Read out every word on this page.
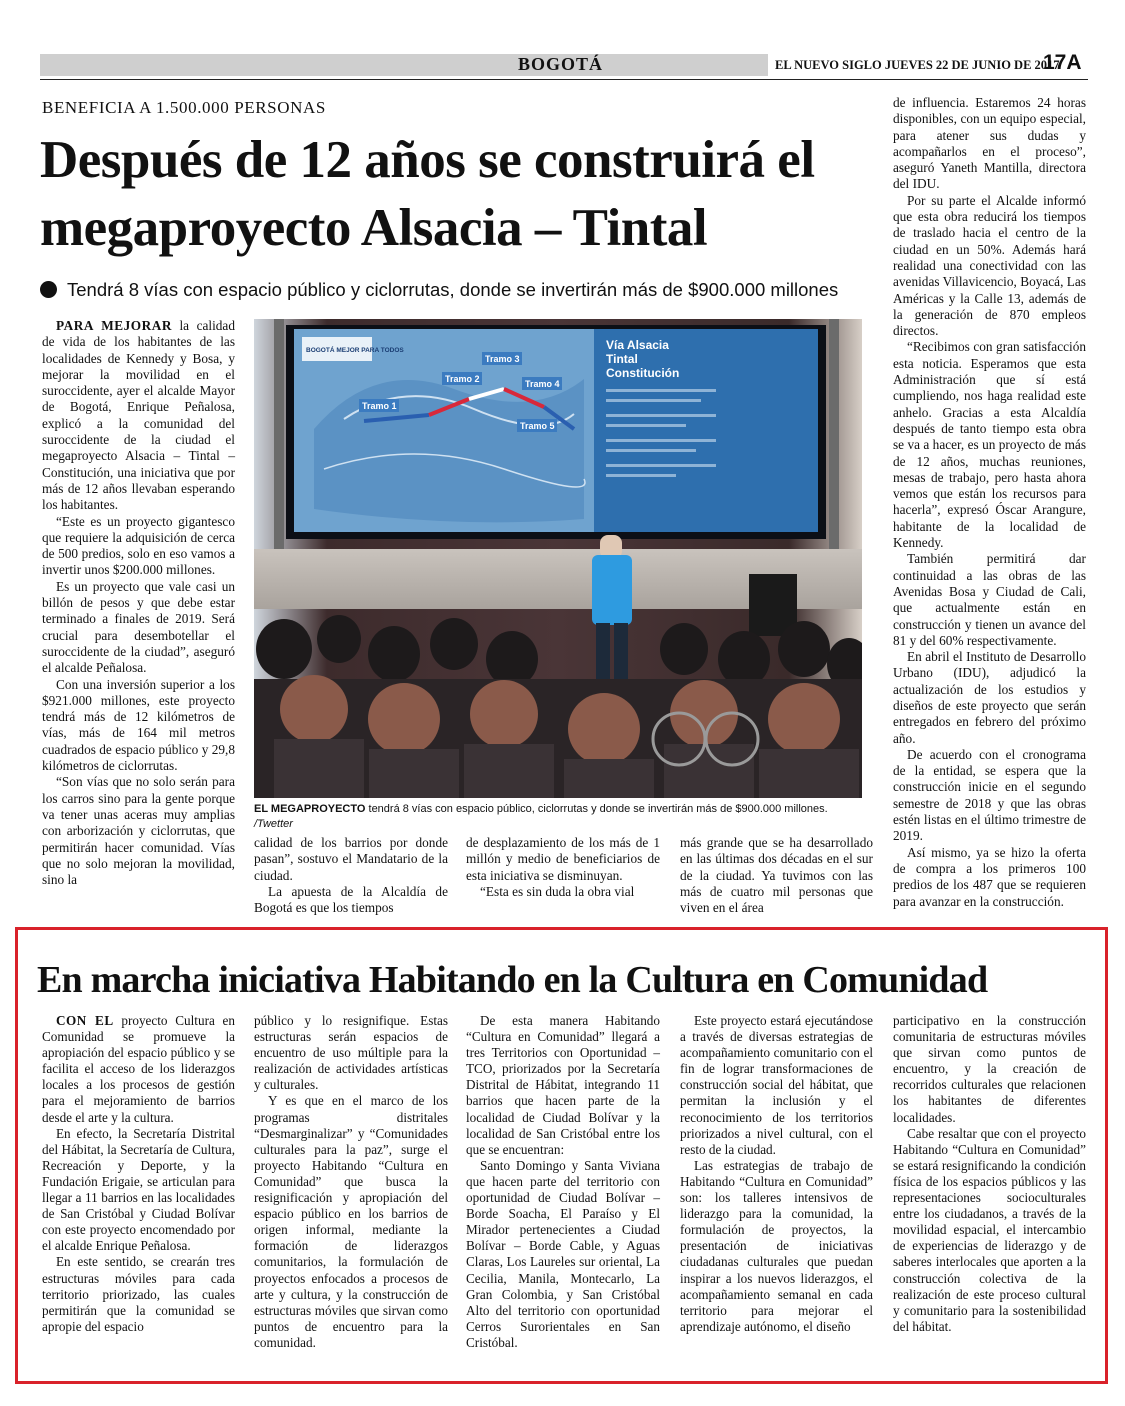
BOGOTÁ	EL NUEVO SIGLO JUEVES 22 DE JUNIO DE 2017
17A
BENEFICIA A 1.500.000 PERSONAS
Después de 12 años se construirá el megaproyecto Alsacia – Tintal
Tendrá 8 vías con espacio público y ciclorrutas, donde se invertirán más de $900.000 millones

PARA MEJORAR la calidad de vida de los habitantes de las localidades de Kennedy y Bosa, y mejorar la movilidad en el suroccidente, ayer el alcalde Mayor de Bogotá, Enrique Peñalosa, explicó a la comunidad del suroccidente de la ciudad el megaproyecto Alsacia – Tintal – Constitución, una iniciativa que por más de 12 años llevaban esperando los habitantes.

“Este es un proyecto gigantesco que requiere la adquisición de cerca de 500 predios, solo en eso vamos a invertir unos $200.000 millones.

Es un proyecto que vale casi un billón de pesos y que debe estar terminado a finales de 2019. Será crucial para desembotellar el suroccidente de la ciudad”, aseguró el alcalde Peñalosa.

Con una inversión superior a los $921.000 millones, este proyecto tendrá más de 12 kilómetros de vías, más de 164 mil metros cuadrados de espacio público y 29,8 kilómetros de ciclorrutas.

“Son vías que no solo serán para los carros sino para la gente porque va tener unas aceras muy amplias con arborización y ciclorrutas, que permitirán hacer comunidad. Vías que no solo mejoran la movilidad, sino la

Tramo 1
Tramo 2
Tramo 3
Tramo 4
Tramo 5
BOGOTÁ MEJOR PARA TODOS	Vía Alsacia
Tintal
Constitución
EL MEGAPROYECTO tendrá 8 vías con espacio público, ciclorrutas y donde se invertirán más de $900.000 millones.
/Twetter

calidad de los barrios por donde pasan”, sostuvo el Mandatario de la ciudad.

La apuesta de la Alcaldía de Bogotá es que los tiempos

de desplazamiento de los más de 1 millón y medio de beneficiarios de esta iniciativa se disminuyan.

“Esta es sin duda la obra vial

más grande que se ha desarrollado en las últimas dos décadas en el sur de la ciudad. Ya tuvimos con las más de cuatro mil personas que viven en el área

de influencia. Estaremos 24 horas disponibles, con un equipo especial, para atener sus dudas y acompañarlos en el proceso”, aseguró Yaneth Mantilla, directora del IDU.

Por su parte el Alcalde informó que esta obra reducirá los tiempos de traslado hacia el centro de la ciudad en un 50%. Además hará realidad una conectividad con las avenidas Villavicencio, Boyacá, Las Américas y la Calle 13, además de la generación de 870 empleos directos.

“Recibimos con gran satisfacción esta noticia. Esperamos que esta Administración que sí está cumpliendo, nos haga realidad este anhelo. Gracias a esta Alcaldía después de tanto tiempo esta obra se va a hacer, es un proyecto de más de 12 años, muchas reuniones, mesas de trabajo, pero hasta ahora vemos que están los recursos para hacerla”, expresó Óscar Arangure, habitante de la localidad de Kennedy.

También permitirá dar continuidad a las obras de las Avenidas Bosa y Ciudad de Cali, que actualmente están en construcción y tienen un avance del 81 y del 60% respectivamente.

En abril el Instituto de Desarrollo Urbano (IDU), adjudicó la actualización de los estudios y diseños de este proyecto que serán entregados en febrero del próximo año.

De acuerdo con el cronograma de la entidad, se espera que la construcción inicie en el segundo semestre de 2018 y que las obras estén listas en el último trimestre de 2019.

Así mismo, ya se hizo la oferta de compra a los primeros 100 predios de los 487 que se requieren para avanzar en la construcción.

En marcha iniciativa Habitando en la Cultura en Comunidad

CON EL proyecto Cultura en Comunidad se promueve la apropiación del espacio público y se facilita el acceso de los liderazgos locales a los procesos de gestión para el mejoramiento de barrios desde el arte y la cultura.

En efecto, la Secretaría Distrital del Hábitat, la Secretaría de Cultura, Recreación y Deporte, y la Fundación Erigaie, se articulan para llegar a 11 barrios en las localidades de San Cristóbal y Ciudad Bolívar con este proyecto encomendado por el alcalde Enrique Peñalosa.

En este sentido, se crearán tres estructuras móviles para cada territorio priorizado, las cuales permitirán que la comunidad se apropie del espacio

público y lo resignifique. Estas estructuras serán espacios de encuentro de uso múltiple para la realización de actividades artísticas y culturales.

Y es que en el marco de los programas distritales “Desmarginalizar” y “Comunidades culturales para la paz”, surge el proyecto Habitando “Cultura en Comunidad” que busca la resignificación y apropiación del espacio público en los barrios de origen informal, mediante la formación de liderazgos comunitarios, la formulación de proyectos enfocados a procesos de arte y cultura, y la construcción de estructuras móviles que sirvan como puntos de encuentro para la comunidad.

De esta manera Habitando “Cultura en Comunidad” llegará a tres Territorios con Oportunidad – TCO, priorizados por la Secretaría Distrital de Hábitat, integrando 11 barrios que hacen parte de la localidad de Ciudad Bolívar y la localidad de San Cristóbal entre los que se encuentran:

Santo Domingo y Santa Viviana que hacen parte del territorio con oportunidad de Ciudad Bolívar – Borde Soacha, El Paraíso y El Mirador pertenecientes a Ciudad Bolívar – Borde Cable, y Aguas Claras, Los Laureles sur oriental, La Cecilia, Manila, Montecarlo, La Gran Colombia, y San Cristóbal Alto del territorio con oportunidad Cerros Surorientales en San Cristóbal.

Este proyecto estará ejecutándose a través de diversas estrategias de acompañamiento comunitario con el fin de lograr transformaciones de construcción social del hábitat, que permitan la inclusión y el reconocimiento de los territorios priorizados a nivel cultural, con el resto de la ciudad.

Las estrategias de trabajo de Habitando “Cultura en Comunidad” son: los talleres intensivos de liderazgo para la comunidad, la formulación de proyectos, la presentación de iniciativas ciudadanas culturales que puedan inspirar a los nuevos liderazgos, el acompañamiento semanal en cada territorio para mejorar el aprendizaje autónomo, el diseño

participativo en la construcción comunitaria de estructuras móviles que sirvan como puntos de encuentro, y la creación de recorridos culturales que relacionen los habitantes de diferentes localidades.

Cabe resaltar que con el proyecto Habitando “Cultura en Comunidad” se estará resignificando la condición física de los espacios públicos y las representaciones socioculturales entre los ciudadanos, a través de la movilidad espacial, el intercambio de experiencias de liderazgo y de saberes interlocales que aporten a la construcción colectiva de la realización de este proceso cultural y comunitario para la sostenibilidad del hábitat.
